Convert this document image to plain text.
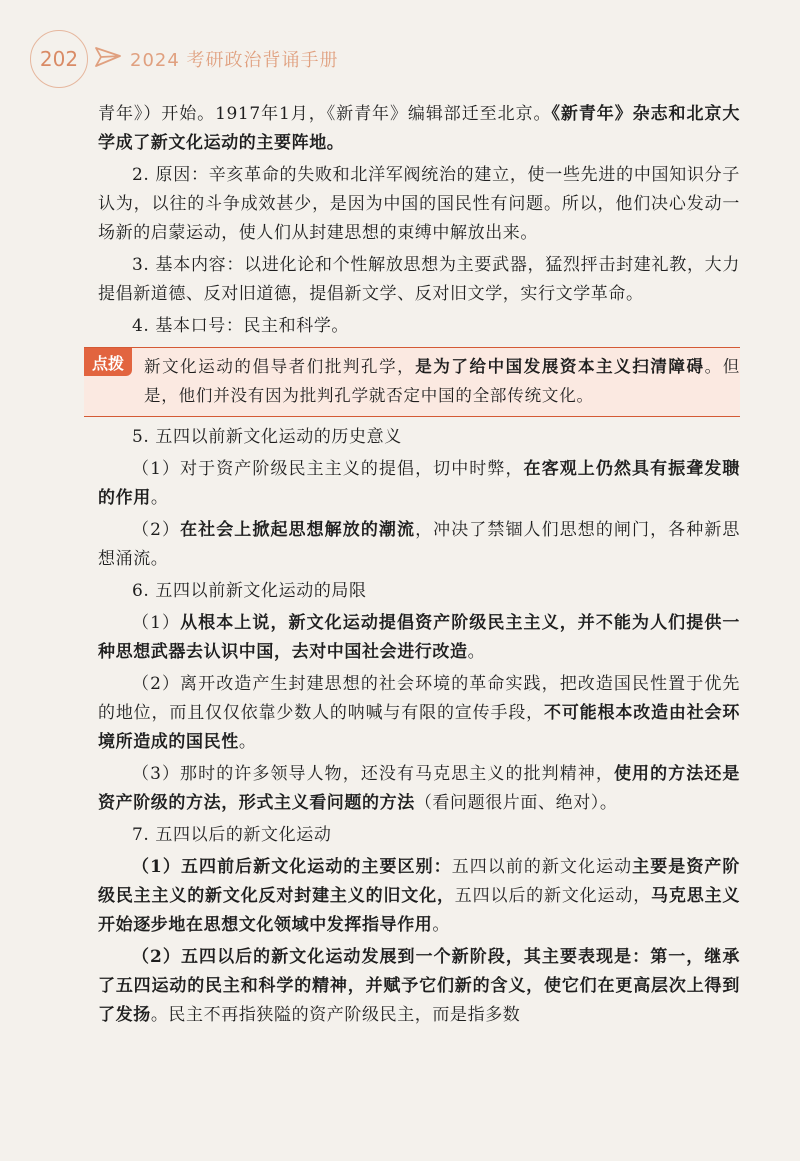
202	2024 考研政治背诵手册

青年》）开始。1917年1月，《新青年》编辑部迁至北京。《新青年》杂志和北京大学成了新文化运动的主要阵地。

2. 原因：辛亥革命的失败和北洋军阀统治的建立，使一些先进的中国知识分子认为，以往的斗争成效甚少，是因为中国的国民性有问题。所以，他们决心发动一场新的启蒙运动，使人们从封建思想的束缚中解放出来。

3. 基本内容：以进化论和个性解放思想为主要武器，猛烈抨击封建礼教，大力提倡新道德、反对旧道德，提倡新文学、反对旧文学，实行文学革命。

4. 基本口号：民主和科学。

点拨	新文化运动的倡导者们批判孔学，是为了给中国发展资本主义扫清障碍。但是，他们并没有因为批判孔学就否定中国的全部传统文化。

5. 五四以前新文化运动的历史意义

（1）对于资产阶级民主主义的提倡，切中时弊，在客观上仍然具有振聋发聩的作用。

（2）在社会上掀起思想解放的潮流，冲决了禁锢人们思想的闸门，各种新思想涌流。

6. 五四以前新文化运动的局限

（1）从根本上说，新文化运动提倡资产阶级民主主义，并不能为人们提供一种思想武器去认识中国，去对中国社会进行改造。

（2）离开改造产生封建思想的社会环境的革命实践，把改造国民性置于优先的地位，而且仅仅依靠少数人的呐喊与有限的宣传手段，不可能根本改造由社会环境所造成的国民性。

（3）那时的许多领导人物，还没有马克思主义的批判精神，使用的方法还是资产阶级的方法，形式主义看问题的方法（看问题很片面、绝对）。

7. 五四以后的新文化运动

（1）五四前后新文化运动的主要区别：五四以前的新文化运动主要是资产阶级民主主义的新文化反对封建主义的旧文化，五四以后的新文化运动，马克思主义开始逐步地在思想文化领域中发挥指导作用。

（2）五四以后的新文化运动发展到一个新阶段，其主要表现是：第一，继承了五四运动的民主和科学的精神，并赋予它们新的含义，使它们在更高层次上得到了发扬。民主不再指狭隘的资产阶级民主，而是指多数
